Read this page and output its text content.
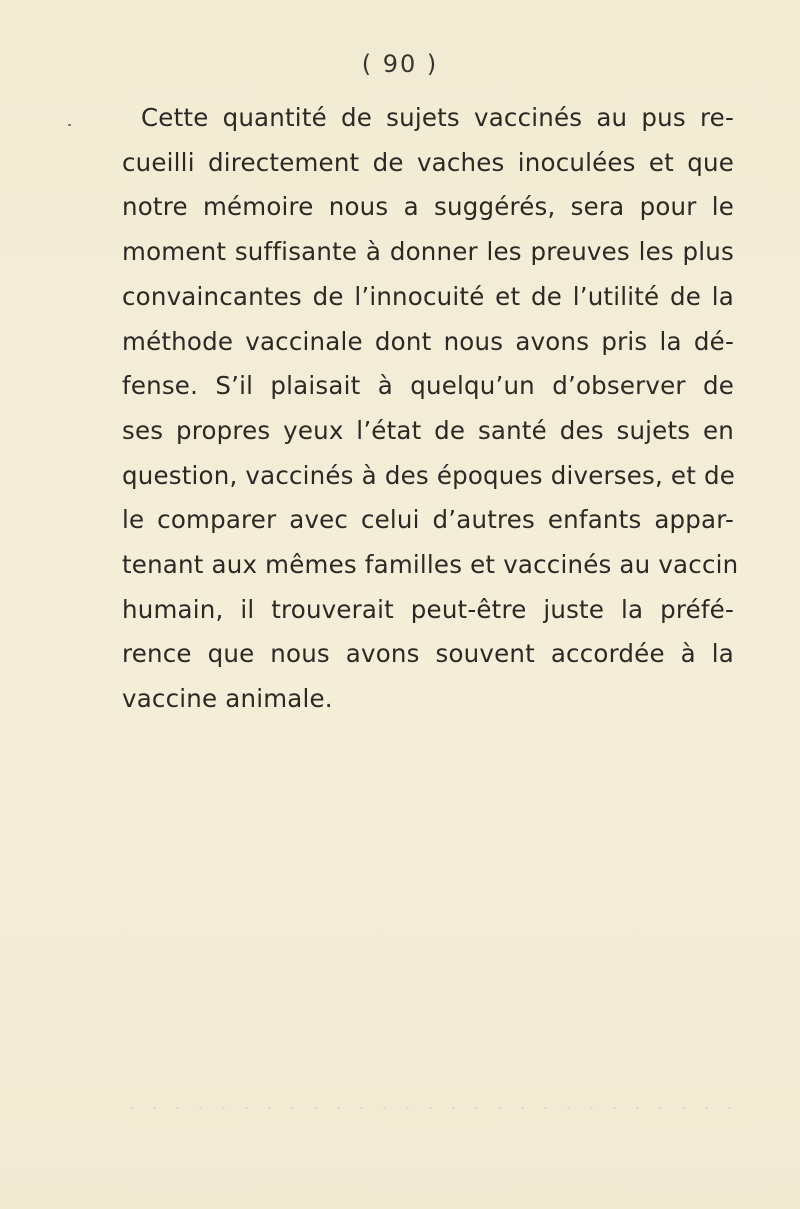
( 90 )

Cette quantité de sujets vaccinés au pus re-
cueilli directement de vaches inoculées et que
notre mémoire nous a suggérés, sera pour le
moment suffisante à donner les preuves les plus
convaincantes de l’innocuité et de l’utilité de la
méthode vaccinale dont nous avons pris la dé-
fense. S’il plaisait à quelqu’un d’observer de
ses propres yeux l’état de santé des sujets en
question, vaccinés à des époques diverses, et de
le comparer avec celui d’autres enfants appar-
tenant aux mêmes familles et vaccinés au vaccin
humain, il trouverait peut-être juste la préfé-
rence que nous avons souvent accordée à la
vaccine animale.
